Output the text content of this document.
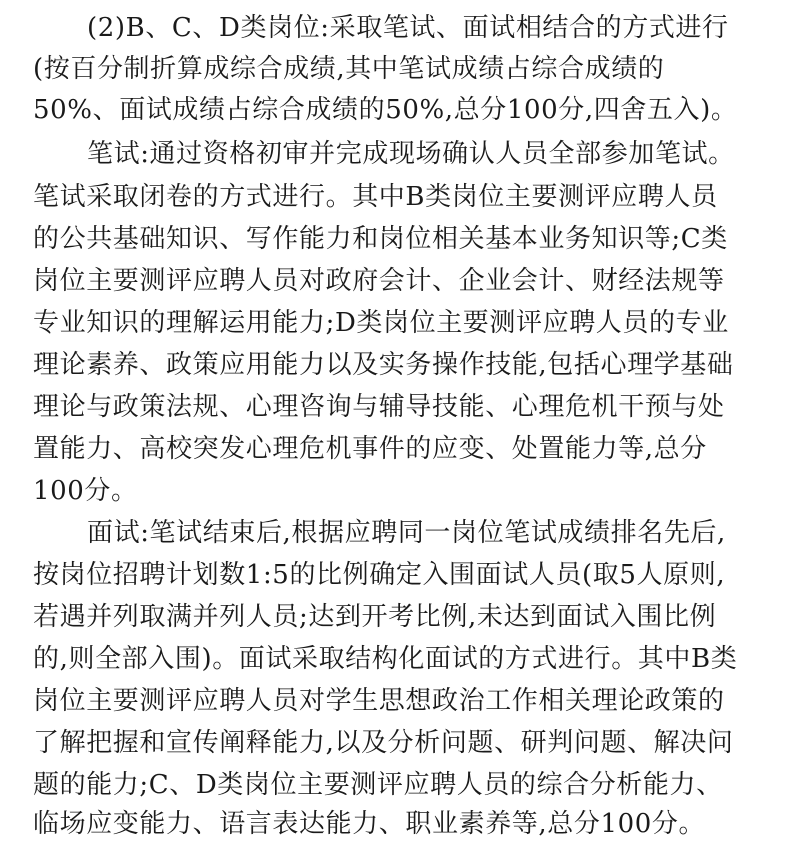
(2)B、C、D类岗位:采取笔试、面试相结合的方式进行
(按百分制折算成综合成绩,其中笔试成绩占综合成绩的
50%、面试成绩占综合成绩的50%,总分100分,四舍五入)。
笔试:通过资格初审并完成现场确认人员全部参加笔试。
笔试采取闭卷的方式进行。其中B类岗位主要测评应聘人员
的公共基础知识、写作能力和岗位相关基本业务知识等;C类
岗位主要测评应聘人员对政府会计、企业会计、财经法规等
专业知识的理解运用能力;D类岗位主要测评应聘人员的专业
理论素养、政策应用能力以及实务操作技能,包括心理学基础
理论与政策法规、心理咨询与辅导技能、心理危机干预与处
置能力、高校突发心理危机事件的应变、处置能力等,总分
100分。
面试:笔试结束后,根据应聘同一岗位笔试成绩排名先后,
按岗位招聘计划数1:5的比例确定入围面试人员(取5人原则,
若遇并列取满并列人员;达到开考比例,未达到面试入围比例
的,则全部入围)。面试采取结构化面试的方式进行。其中B类
岗位主要测评应聘人员对学生思想政治工作相关理论政策的
了解把握和宣传阐释能力,以及分析问题、研判问题、解决问
题的能力;C、D类岗位主要测评应聘人员的综合分析能力、
临场应变能力、语言表达能力、职业素养等,总分100分。
